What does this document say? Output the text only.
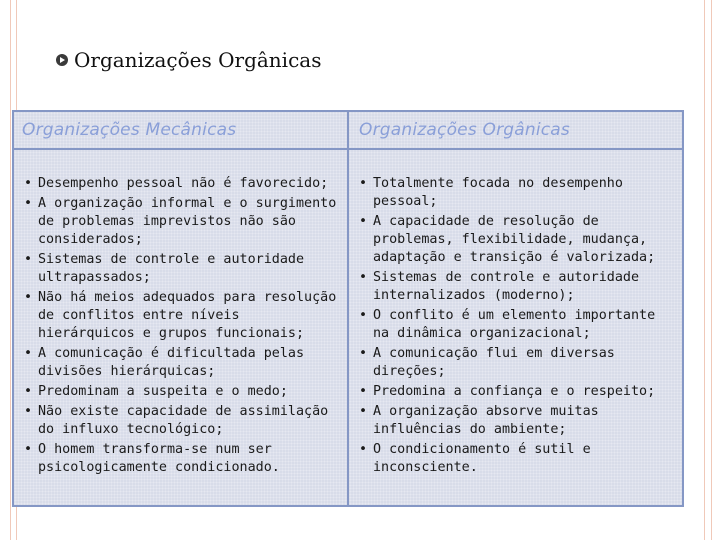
Organizações Orgânicas
Organizações Mecânicas
• Desempenho pessoal não é favorecido;
• A organização informal e o surgimento de problemas imprevistos não são considerados;
• Sistemas de controle e autoridade ultrapassados;
• Não há meios adequados para resolução de conflitos entre níveis hierárquicos e grupos funcionais;
• A comunicação é dificultada pelas divisões hierárquicas;
• Predominam a suspeita e o medo;
• Não existe capacidade de assimilação do influxo tecnológico;
• O homem transforma-se num ser psicologicamente condicionado.
Organizações Orgânicas
• Totalmente focada no desempenho pessoal;
• A capacidade de resolução de problemas, flexibilidade, mudança, adaptação e transição é valorizada;
• Sistemas de controle e autoridade internalizados (moderno);
• O conflito é um elemento importante na dinâmica organizacional;
• A comunicação flui em diversas direções;
• Predomina a confiança e o respeito;
• A organização absorve muitas influências do ambiente;
• O condicionamento é sutil e inconsciente.
